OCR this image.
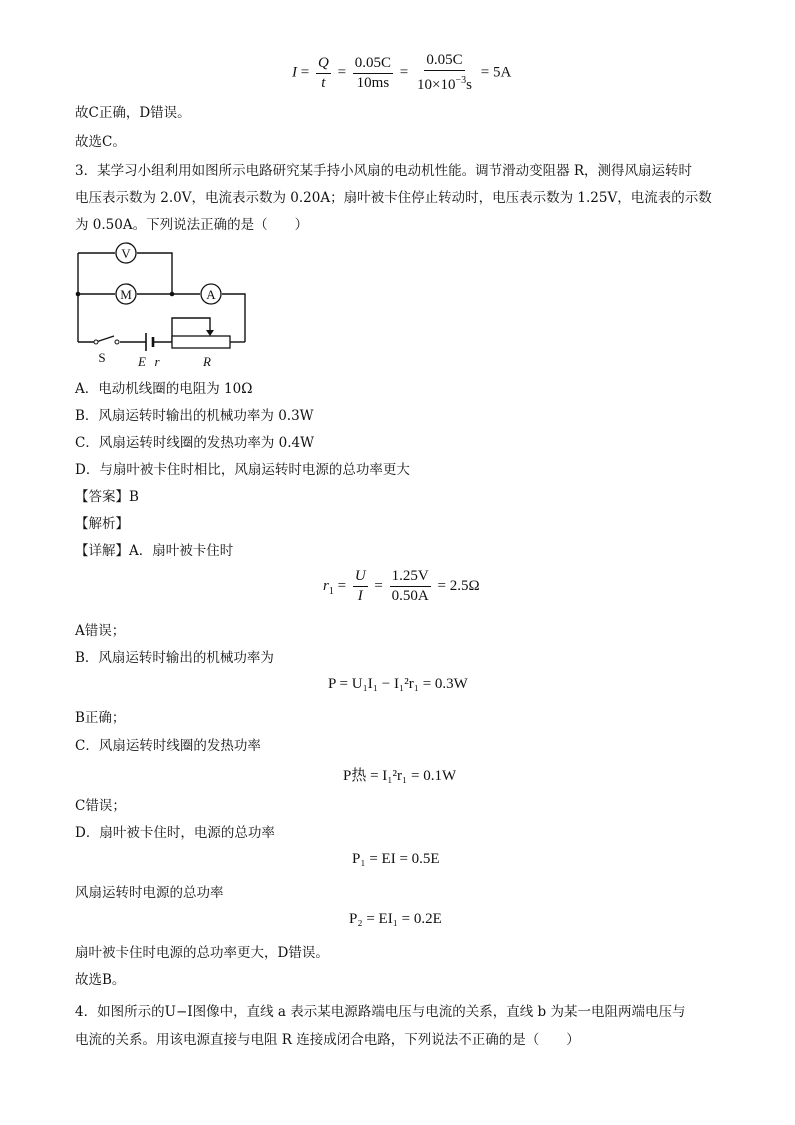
$I = \frac{Q}{t} = \frac{0.05C}{10ms} = \frac{0.05C}{10\times 10^{-3}s} = 5A$
故C正确，D错误。
故选C。
3．某学习小组利用如图所示电路研究某手持小风扇的电动机性能。调节滑动变阻器 R，测得风扇运转时
电压表示数为 2.0V，电流表示数为 0.20A；扇叶被卡住停止转动时，电压表示数为 1.25V，电流表的示数
为 0.50A。下列说法正确的是（　　）
V
M	A
S E r	R
A．电动机线圈的电阻为 10Ω
B．风扇运转时输出的机械功率为 0.3W
C．风扇运转时线圈的发热功率为 0.4W
D．与扇叶被卡住时相比，风扇运转时电源的总功率更大
【答案】B
【解析】
【详解】A．扇叶被卡住时
$r_1 = \frac{U}{I} = \frac{1.25V}{0.50A} = 2.5\Omega$
A错误；
B．风扇运转时输出的机械功率为
P = U₁I₁ − I₁²r₁ = 0.3W
B正确；
C．风扇运转时线圈的发热功率
P热 = I₁²r₁ = 0.1W
C错误；
D．扇叶被卡住时，电源的总功率
P₁ = EI = 0.5E
风扇运转时电源的总功率
P₂ = EI₁ = 0.2E
扇叶被卡住时电源的总功率更大，D错误。
故选B。
4．如图所示的U−I图像中，直线 a 表示某电源路端电压与电流的关系，直线 b 为某一电阻两端电压与
电流的关系。用该电源直接与电阻 R 连接成闭合电路，下列说法不正确的是（　　）
